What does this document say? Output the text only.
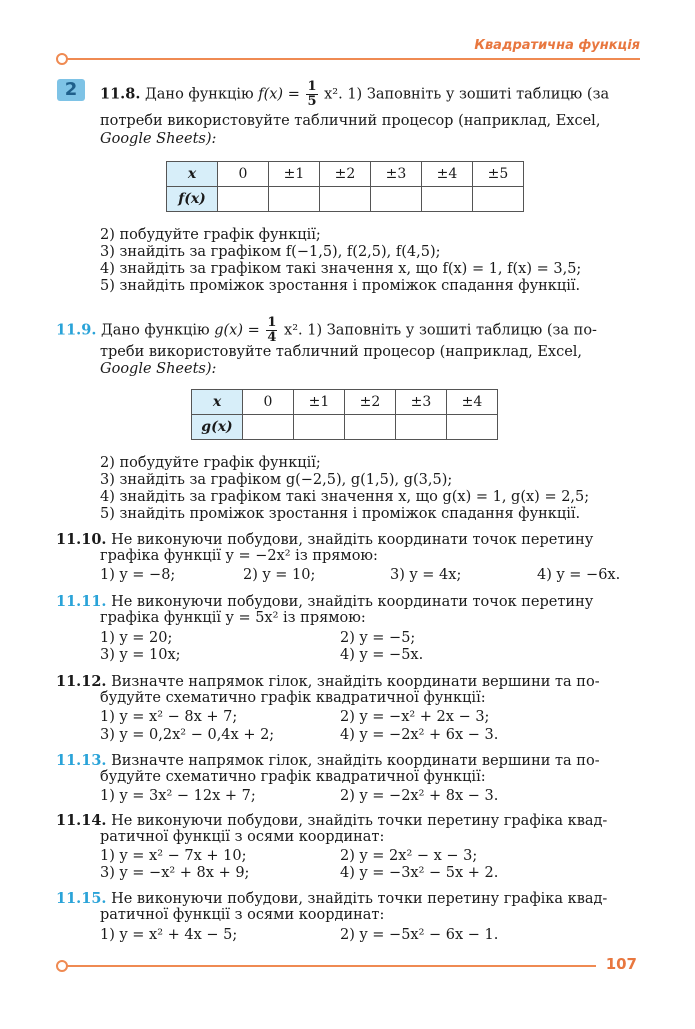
Квадратична функція
2	11.8. Дано функцію $f(x) = \frac{1}{5} x^2$. 1) Заповніть у зошиті таблицю (за
потреби використовуйте табличний процесор (наприклад, Excel,
Google Sheets):
x	0	±1	±2	±3	±4	±5
f(x)						
2) побудуйте графік функції;
3) знайдіть за графіком f(−1,5), f(2,5), f(4,5);
4) знайдіть за графіком такі значення x, що f(x) = 1, f(x) = 3,5;
5) знайдіть проміжок зростання і проміжок спадання функції.
11.9. Дано функцію $g(x) = \frac{1}{4} x^2$. 1) Заповніть у зошиті таблицю (за по-
треби використовуйте табличний процесор (наприклад, Excel,
Google Sheets):
x	0	±1	±2	±3	±4
g(x)					
2) побудуйте графік функції;
3) знайдіть за графіком g(−2,5), g(1,5), g(3,5);
4) знайдіть за графіком такі значення x, що g(x) = 1, g(x) = 2,5;
5) знайдіть проміжок зростання і проміжок спадання функції.
11.10. Не виконуючи побудови, знайдіть координати точок перетину
графіка функції y = −2x² із прямою:
1) y = −8;	2) y = 10;	3) y = 4x;	4) y = −6x.
11.11. Не виконуючи побудови, знайдіть координати точок перетину
графіка функції y = 5x² із прямою:
1) y = 20;	2) y = −5;
3) y = 10x;	4) y = −5x.
11.12. Визначте напрямок гілок, знайдіть координати вершини та по-
будуйте схематично графік квадратичної функції:
1) y = x² − 8x + 7;	2) y = −x² + 2x − 3;
3) y = 0,2x² − 0,4x + 2;	4) y = −2x² + 6x − 3.
11.13. Визначте напрямок гілок, знайдіть координати вершини та по-
будуйте схематично графік квадратичної функції:
1) y = 3x² − 12x + 7;	2) y = −2x² + 8x − 3.
11.14. Не виконуючи побудови, знайдіть точки перетину графіка квад-
ратичної функції з осями координат:
1) y = x² − 7x + 10;	2) y = 2x² − x − 3;
3) y = −x² + 8x + 9;	4) y = −3x² − 5x + 2.
11.15. Не виконуючи побудови, знайдіть точки перетину графіка квад-
ратичної функції з осями координат:
1) y = x² + 4x − 5;	2) y = −5x² − 6x − 1.
107
